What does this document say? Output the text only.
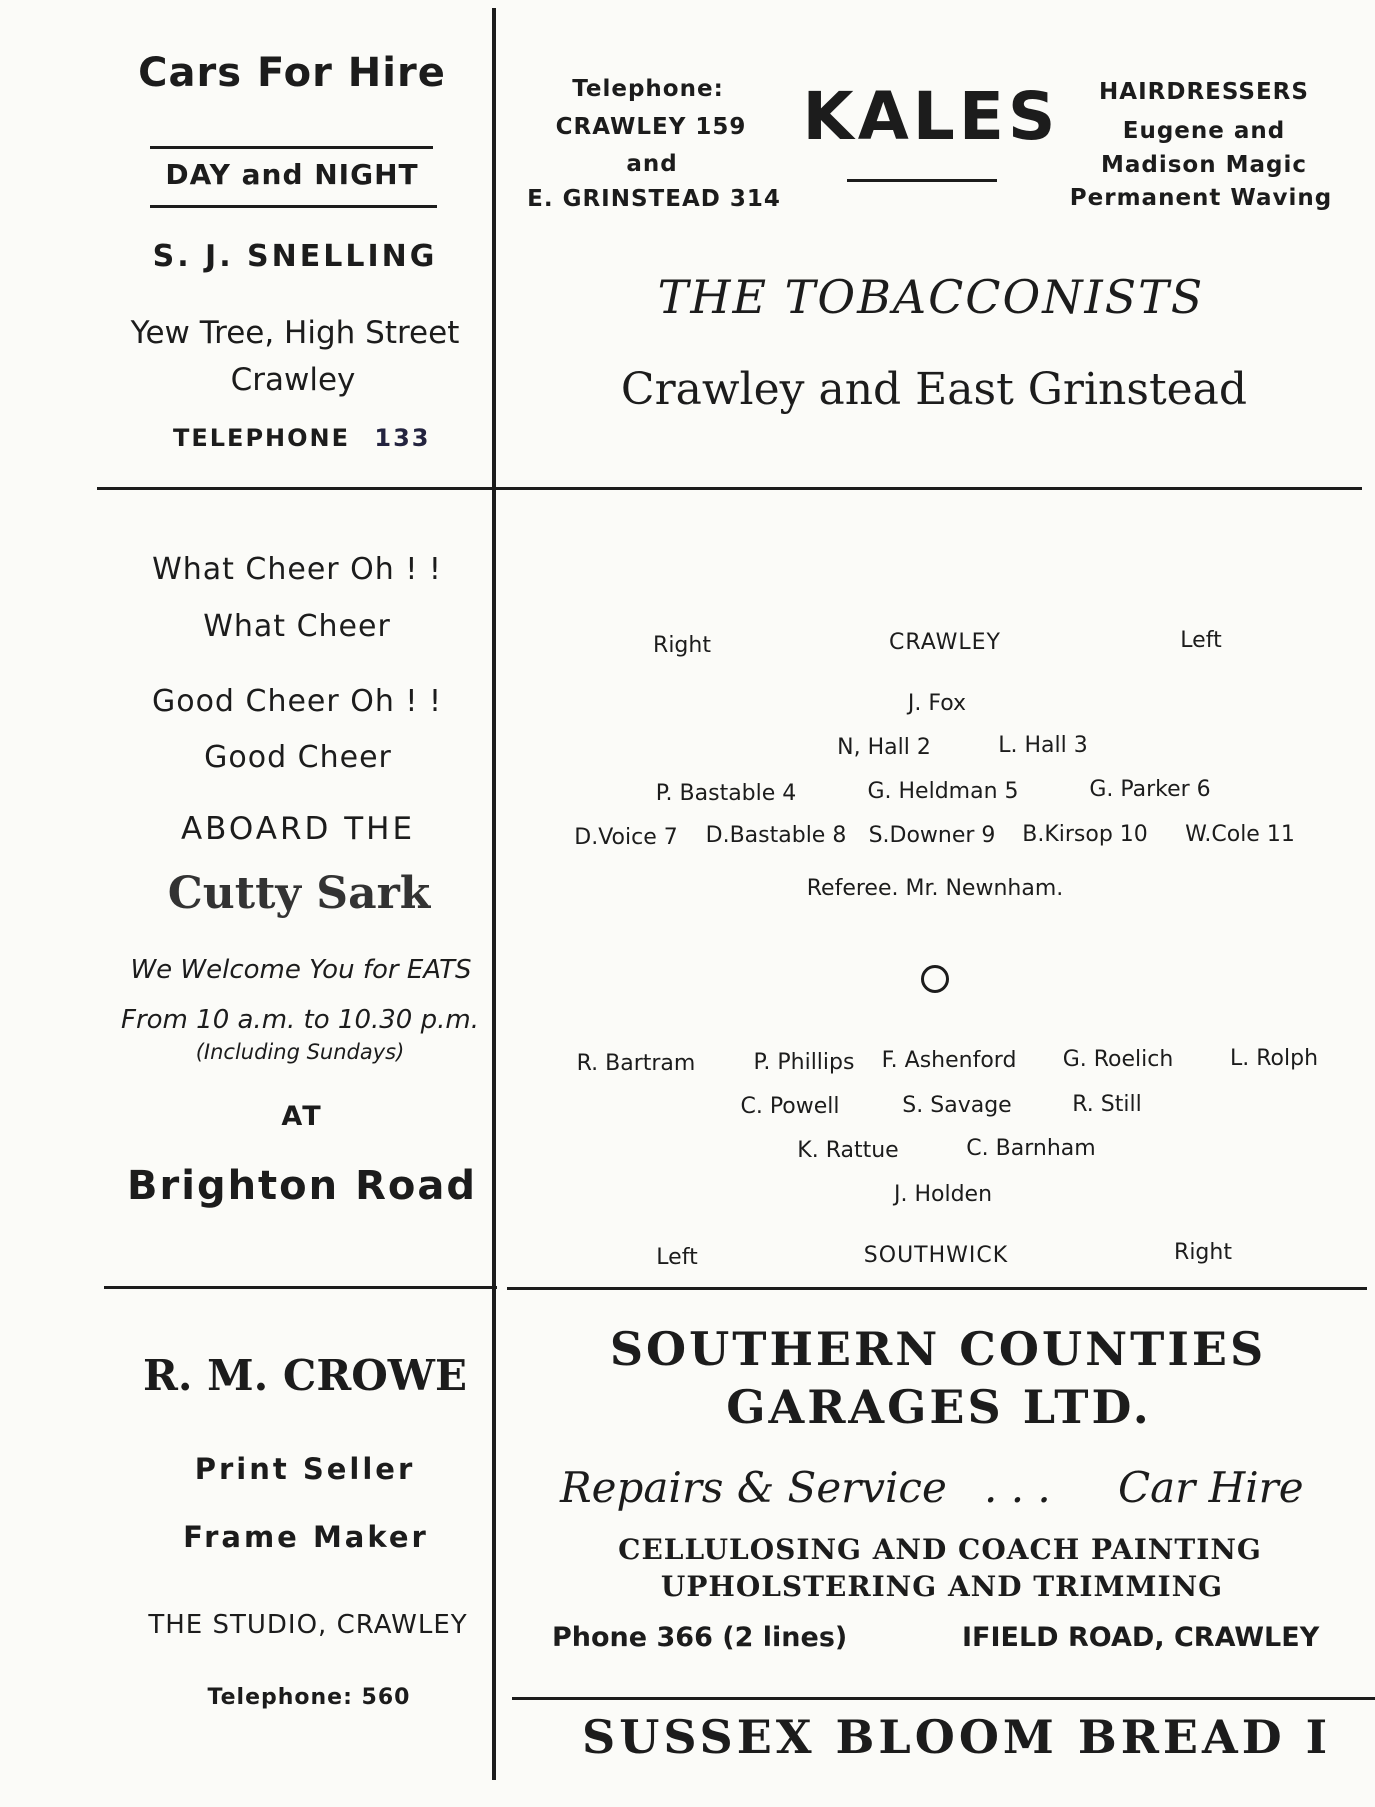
Cars For Hire
DAY and NIGHT
S. J. SNELLING
Yew Tree, High Street
Crawley
TELEPHONE 133
Telephone:
CRAWLEY 159
and
E. GRINSTEAD 314
KALES HAIRDRESSERS
Eugene and
Madison Magic
Permanent Waving
THE TOBACCONISTS
Crawley and East Grinstead
What Cheer Oh ! !
What Cheer
Good Cheer Oh ! !
Good Cheer
ABOARD THE
Cutty Sark
We Welcome You for EATS
From 10 a.m. to 10.30 p.m.
(Including Sundays)
AT
Brighton Road
R. M. CROWE
Print Seller
Frame Maker
THE STUDIO, CRAWLEY
Telephone: 560
Right	CRAWLEY	Left
J. Fox
N, Hall 2	L. Hall 3
P. Bastable 4	G. Heldman 5	G. Parker 6
D.Voice 7 D.Bastable 8 S.Downer 9 B.Kirsop 10 W.Cole 11
Referee. Mr. Newnham.
R. Bartram	P. Phillips F. Ashenford G. Roelich	L. Rolph
C. Powell	S. Savage	R. Still
K. Rattue	C. Barnham
J. Holden
Left	SOUTHWICK	Right
SOUTHERN COUNTIES
GARAGES LTD.
Repairs & Service . . . Car Hire
CELLULOSING AND COACH PAINTING
UPHOLSTERING AND TRIMMING
Phone 366 (2 lines)	IFIELD ROAD, CRAWLEY
SUSSEX BLOOM BREAD I
